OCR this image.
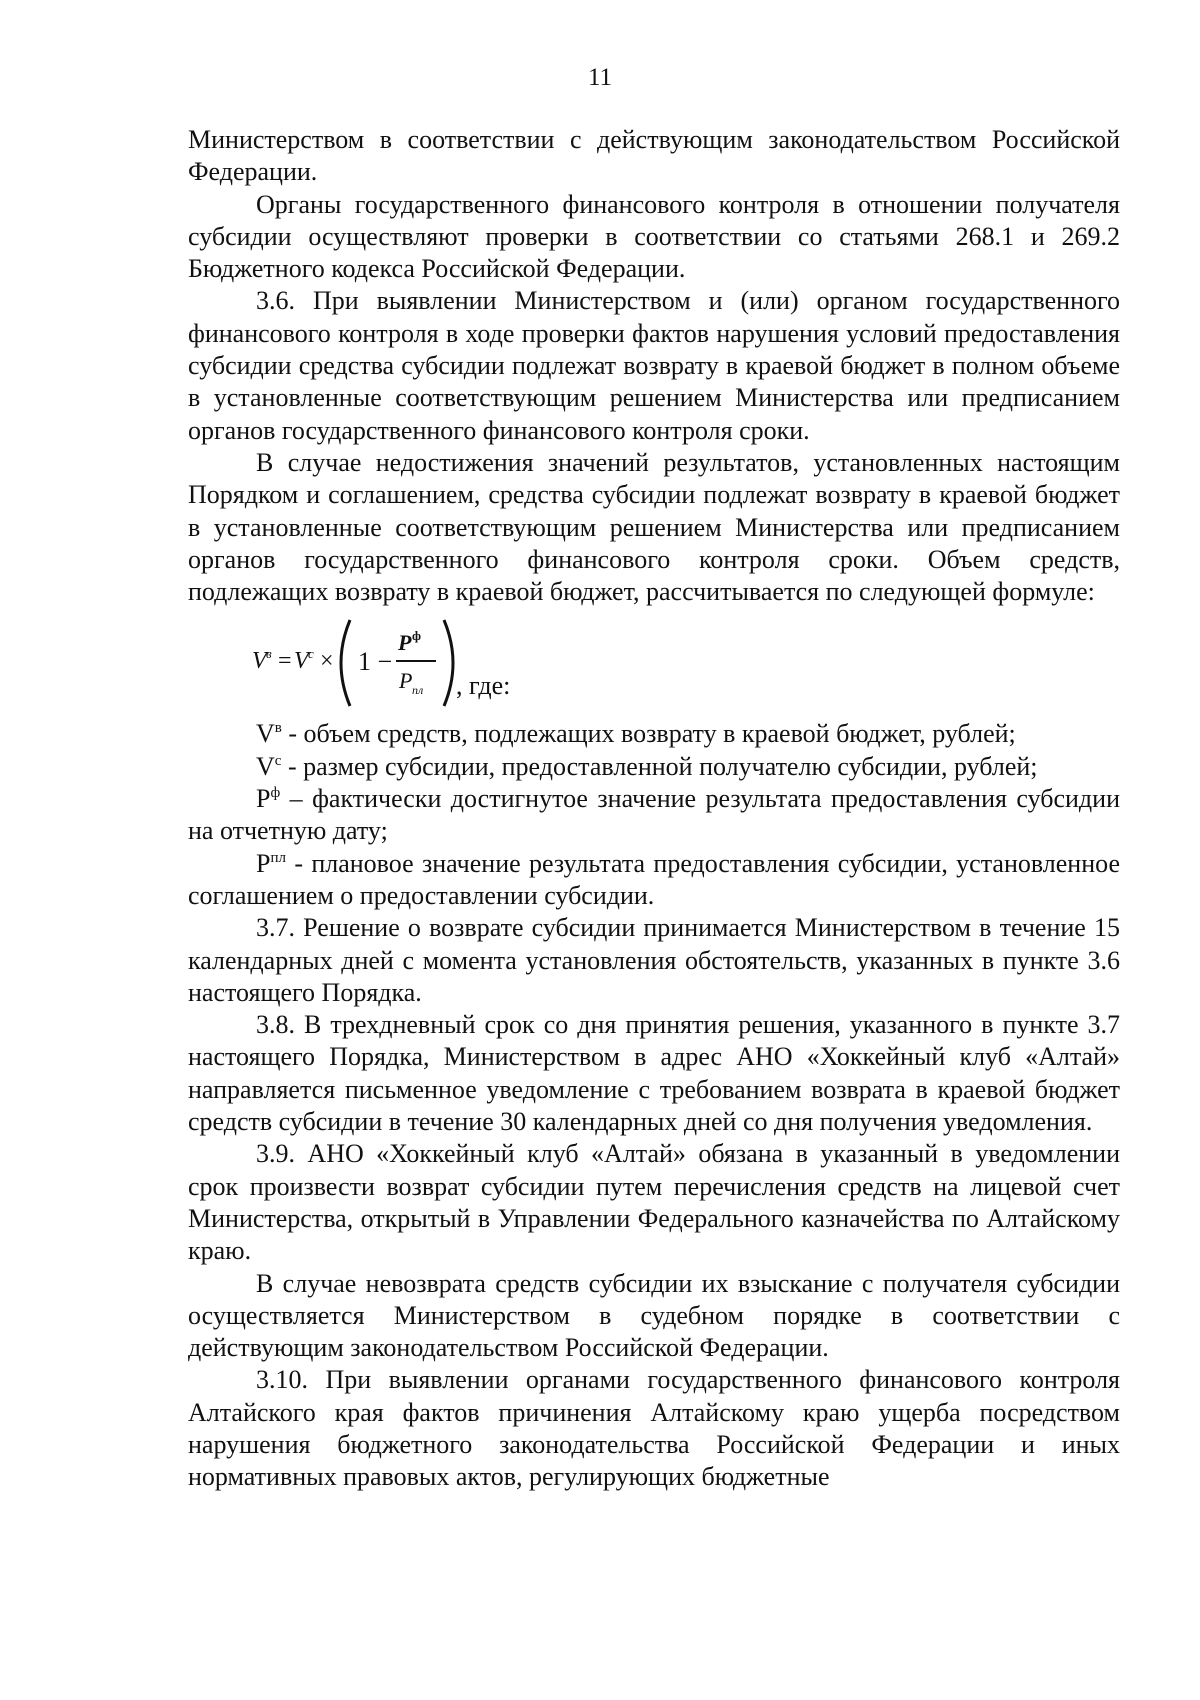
11

Министерством в соответствии с действующим законодательством Российской Федерации.

Органы государственного финансового контроля в отношении получателя субсидии осуществляют проверки в соответствии со статьями 268.1 и 269.2 Бюджетного кодекса Российской Федерации.

3.6. При выявлении Министерством и (или) органом государственного финансового контроля в ходе проверки фактов нарушения условий предоставления субсидии средства субсидии подлежат возврату в краевой бюджет в полном объеме в установленные соответствующим решением Министерства или предписанием органов государственного финансового контроля сроки.

В случае недостижения значений результатов, установленных настоящим Порядком и соглашением, средства субсидии подлежат возврату в краевой бюджет в установленные соответствующим решением Министерства или предписанием органов государственного финансового контроля сроки. Объем средств, подлежащих возврату в краевой бюджет, рассчитывается по следующей формуле:

V в = V с × 1 −
P ф
P пл , где:

$V^в$ - объем средств, подлежащих возврату в краевой бюджет, рублей;

$V^с$ - размер субсидии, предоставленной получателю субсидии, рублей;

$P^ф$ – фактически достигнутое значение результата предоставления субсидии на отчетную дату;

$P^{пл}$ - плановое значение результата предоставления субсидии, установленное соглашением о предоставлении субсидии.

3.7. Решение о возврате субсидии принимается Министерством в течение 15 календарных дней с момента установления обстоятельств, указанных в пункте 3.6 настоящего Порядка.

3.8. В трехдневный срок со дня принятия решения, указанного в пункте 3.7 настоящего Порядка, Министерством в адрес АНО «Хоккейный клуб «Алтай» направляется письменное уведомление с требованием возврата в краевой бюджет средств субсидии в течение 30 календарных дней со дня получения уведомления.

3.9. АНО «Хоккейный клуб «Алтай» обязана в указанный в уведомлении срок произвести возврат субсидии путем перечисления средств на лицевой счет Министерства, открытый в Управлении Федерального казначейства по Алтайскому краю.

В случае невозврата средств субсидии их взыскание с получателя субсидии осуществляется Министерством в судебном порядке в соответствии с действующим законодательством Российской Федерации.

3.10. При выявлении органами государственного финансового контроля Алтайского края фактов причинения Алтайскому краю ущерба посредством нарушения бюджетного законодательства Российской Федерации и иных нормативных правовых актов, регулирующих бюджетные
